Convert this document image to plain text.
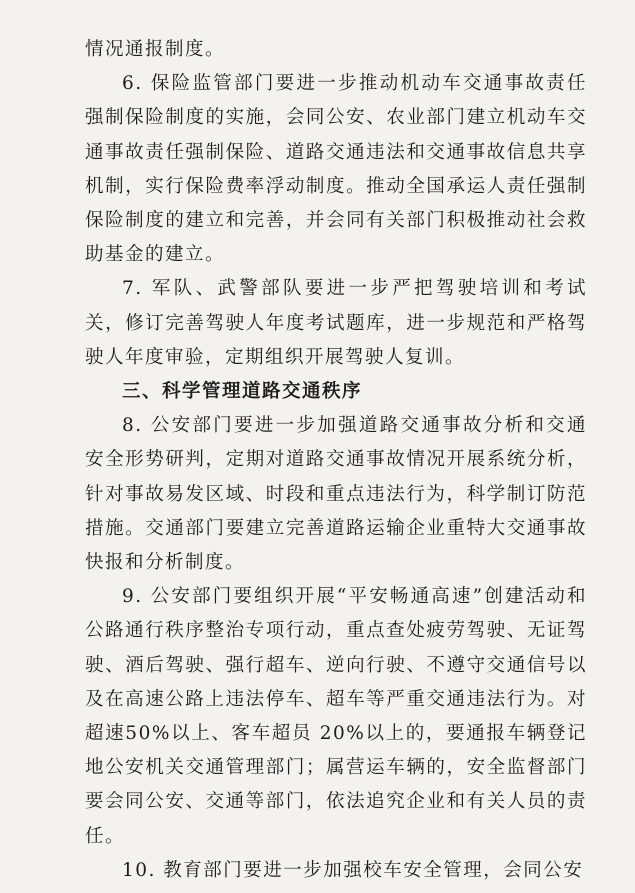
情况通报制度。

6. 保险监管部门要进一步推动机动车交通事故责任强制保险制度的实施，会同公安、农业部门建立机动车交通事故责任强制保险、道路交通违法和交通事故信息共享机制，实行保险费率浮动制度。推动全国承运人责任强制保险制度的建立和完善，并会同有关部门积极推动社会救助基金的建立。

7. 军队、武警部队要进一步严把驾驶培训和考试关，修订完善驾驶人年度考试题库，进一步规范和严格驾驶人年度审验，定期组织开展驾驶人复训。

三、科学管理道路交通秩序

8. 公安部门要进一步加强道路交通事故分析和交通安全形势研判，定期对道路交通事故情况开展系统分析，针对事故易发区域、时段和重点违法行为，科学制订防范措施。交通部门要建立完善道路运输企业重特大交通事故快报和分析制度。

9. 公安部门要组织开展“平安畅通高速”创建活动和公路通行秩序整治专项行动，重点查处疲劳驾驶、无证驾驶、酒后驾驶、强行超车、逆向行驶、不遵守交通信号以及在高速公路上违法停车、超车等严重交通违法行为。对超速50%以上、客车超员 20%以上的，要通报车辆登记地公安机关交通管理部门；属营运车辆的，安全监督部门要会同公安、交通等部门，依法追究企业和有关人员的责任。

10. 教育部门要进一步加强校车安全管理，会同公安
